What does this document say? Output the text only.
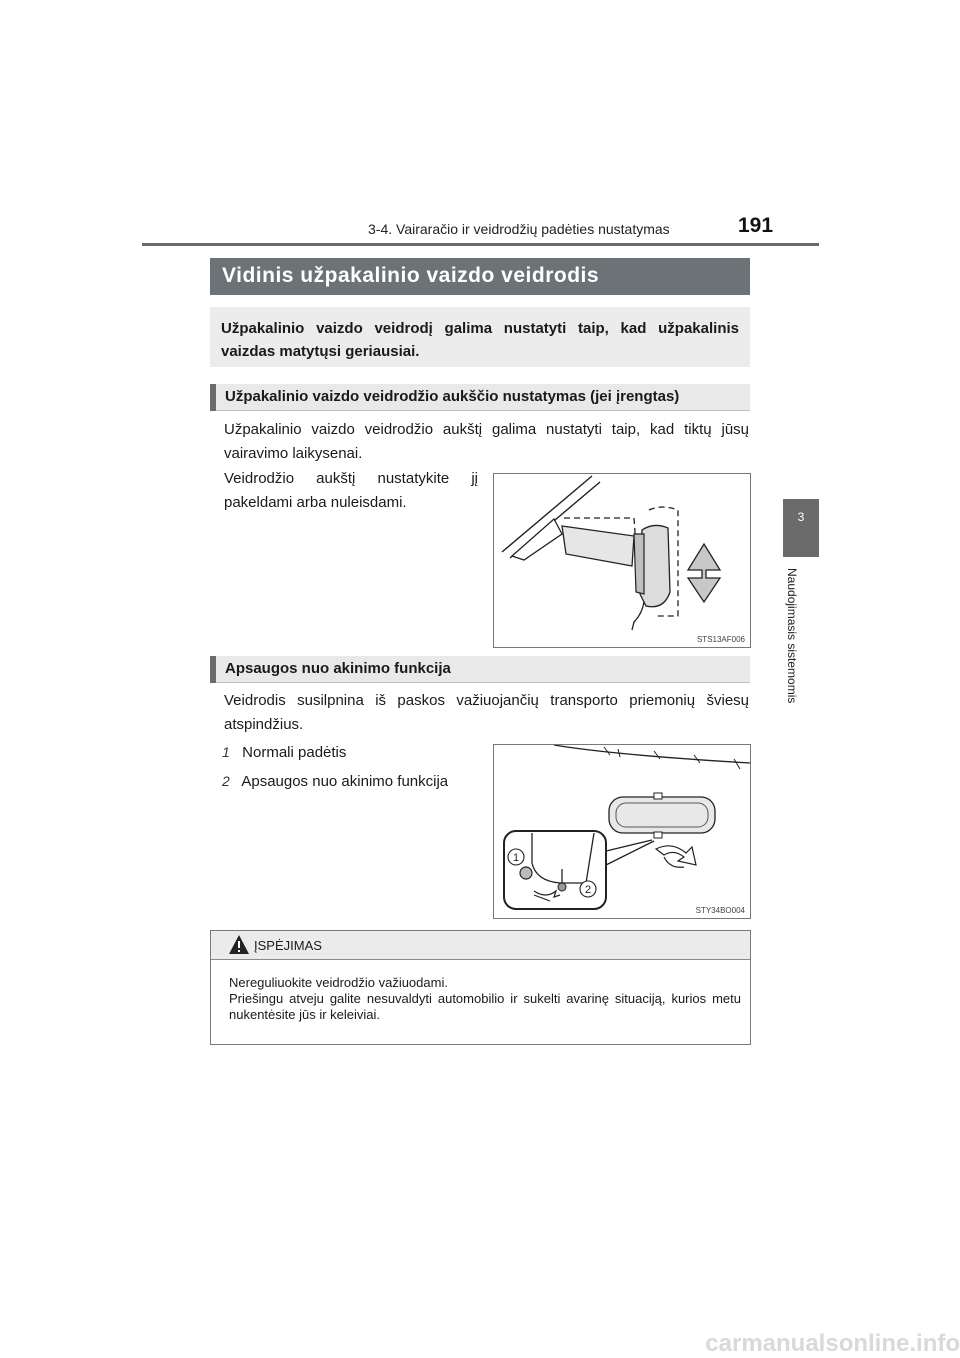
3-4. Vairaračio ir veidrodžių padėties nustatymas	191
3
Naudojimasis sistemomis
Vidinis užpakalinio vaizdo veidrodis

Užpakalinio vaizdo veidrodį galima nustatyti taip, kad užpakalinis vaizdas matytųsi geriausiai.

Užpakalinio vaizdo veidrodžio aukščio nustatymas (jei įrengtas)
Užpakalinio vaizdo veidrodžio aukštį galima nustatyti taip, kad tiktų jūsų vairavimo laikysenai.
Veidrodžio aukštį nustatykite jį pakeldami arba nuleisdami.
STS13AF006
Apsaugos nuo akinimo funkcija
Veidrodis susilpnina iš paskos važiuojančių transporto priemonių šviesų atspindžius.
1 Normali padėtis
2 Apsaugos nuo akinimo funkcija
1
2
STY34BO004
ĮSPĖJIMAS
Nereguliuokite veidrodžio važiuodami.
Priešingu atveju galite nesuvaldyti automobilio ir sukelti avarinę situaciją, kurios metu nukentėsite jūs ir keleiviai.
carmanualsonline.info
